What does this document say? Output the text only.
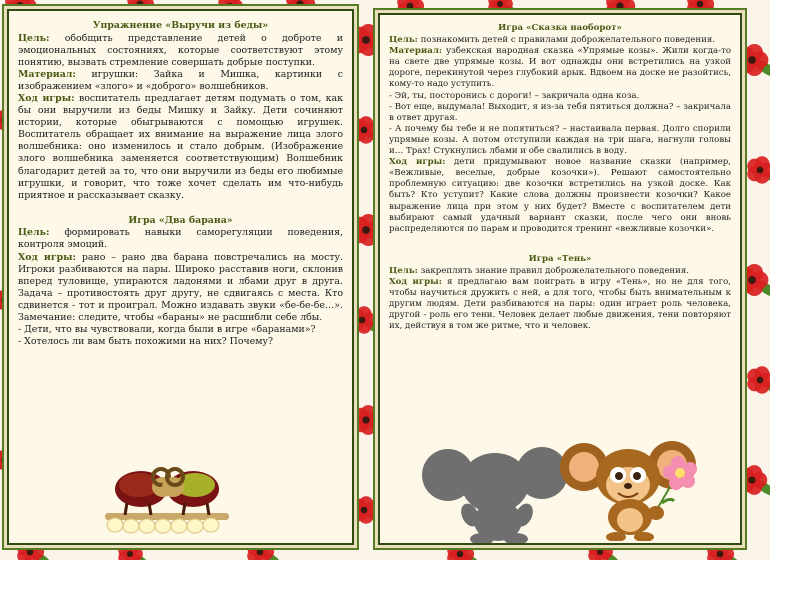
Упражнение «Выручи из беды»

Цель: обобщить представление детей о доброте и эмоциональных состояниях, которые соответствуют этому понятию, вызвать стремление совершать добрые поступки.

Материал: игрушки: Зайка и Мишка, картинки с изображением «злого» и «доброго» волшебников.

Ход игры: воспитатель предлагает детям подумать о том, как бы они выручили из беды Мишку и Зайку. Дети сочиняют истории, которые обыгрываются с помощью игрушек. Воспитатель обращает их внимание на выражение лица злого волшебника: оно изменилось и стало добрым. (Изображение злого волшебника заменяется соответствующим) Волшебник благодарит детей за то, что они выручили из беды его любимые игрушки, и говорит, что тоже хочет сделать им что-нибудь приятное и рассказывает сказку.

Игра «Два барана»

Цель: формировать навыки саморегуляции поведения, контроля эмоций.

Ход игры: рано – рано два барана повстречались на мосту. Игроки разбиваются на пары. Широко расставив ноги, склонив вперед туловище, упираются ладонями и лбами друг в друга. Задача – противостоять друг другу, не сдвигаясь с места. Кто сдвинется - тот и проиграл. Можно издавать звуки «бе-бе-бе…». Замечание: следите, чтобы «бараны» не расшибли себе лбы.

- Дети, что вы чувствовали, когда были в игре «баранами»?

- Хотелось ли вам быть похожими на них? Почему?

Игра «Сказка наоборот»

Цель: познакомить детей с правилами доброжелательного поведения.

Материал: узбекская народная сказка «Упрямые козы». Жили когда-то на свете две упрямые козы. И вот однажды они встретились на узкой дороге, перекинутой через глубокий арык. Вдвоем на доске не разойтись, кому-то надо уступить.

- Эй, ты, посторонись с дороги! – закричала одна коза.

- Вот еще, выдумала! Выходит, я из-за тебя пятиться должна? – закричала в ответ другая.

- А почему бы тебе и не попятиться? – настаивала первая. Долго спорили упрямые козы. А потом отступили каждая на три шага, нагнули головы и… Трах! Стукнулись лбами и обе свалились в воду.

Ход игры: дети придумывают новое название сказки (например, «Вежливые, веселые, добрые козочки»). Решают самостоятельно проблемную ситуацию: две козочки встретились на узкой доске. Как быть? Кто уступит? Какие слова должны произнести козочки? Какое выражение лица при этом у них будет? Вместе с воспитателем дети выбирают самый удачный вариант сказки, после чего они вновь распределяются по парам и проводится тренинг «вежливые козочки».

Игра «Тень»

Цель: закреплять знание правил доброжелательного поведения.

Ход игры: я предлагаю вам поиграть в игру «Тень», но не для того, чтобы научиться дружить с ней, а для того, чтобы быть внимательным к другим людям. Дети разбиваются на пары: один играет роль человека, другой - роль его тени. Человек делает любые движения, тени повторяют их, действуя в том же ритме, что и человек.
